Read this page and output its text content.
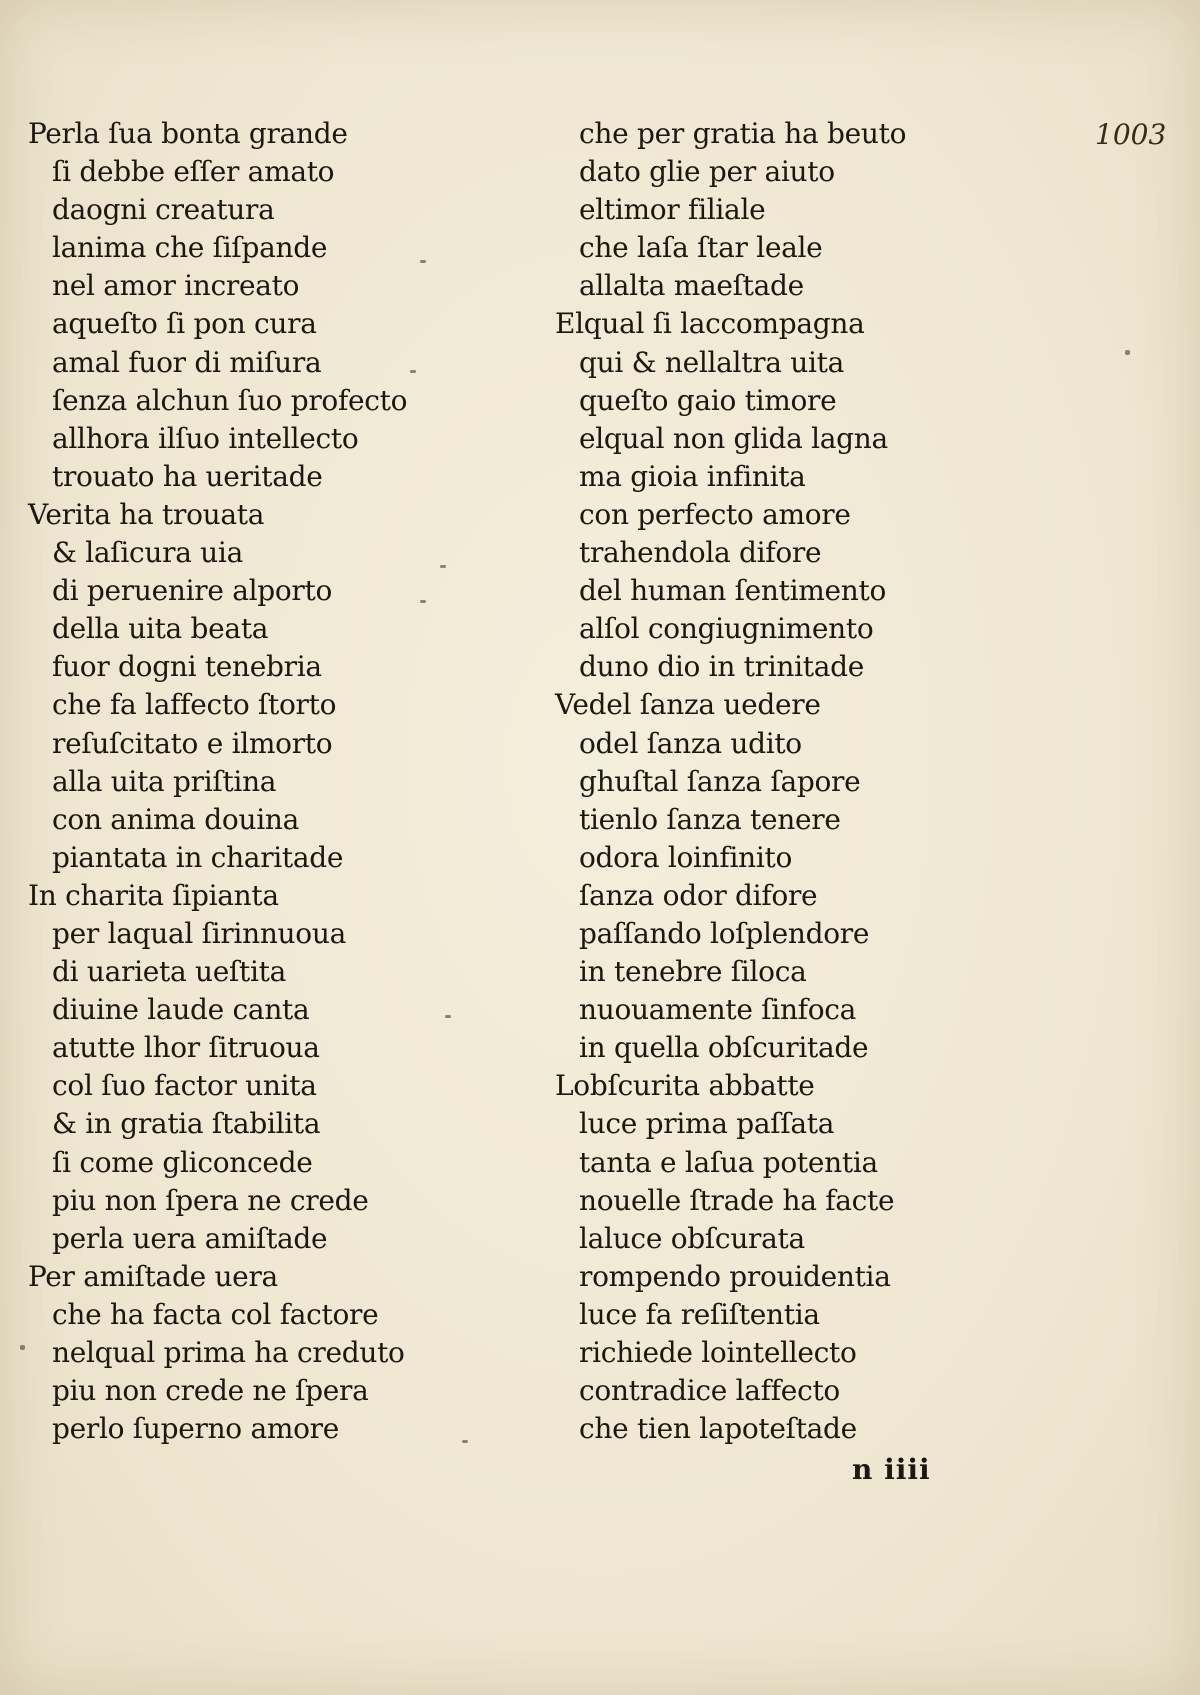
1003
Perla ſua bonta grande
ſi debbe eſſer amato
daogni creatura
lanima che ſiſpande
nel amor increato
aqueſto ſi pon cura
amal fuor di miſura
ſenza alchun ſuo profecto
allhora ilſuo intellecto
trouato ha ueritade
Verita ha trouata
& laſicura uia
di peruenire alporto
della uita beata
fuor dogni tenebria
che fa laffecto ſtorto
reſuſcitato e ilmorto
alla uita priſtina
con anima douina
piantata in charitade
In charita ſipianta
per laqual ſirinnuoua
di uarieta ueſtita
diuine laude canta
atutte lhor ſitruoua
col ſuo factor unita
& in gratia ſtabilita
ſi come gliconcede
piu non ſpera ne crede
perla uera amiſtade
Per amiſtade uera
che ha facta col factore
nelqual prima ha creduto
piu non crede ne ſpera
perlo ſuperno amore
che per gratia ha beuto
dato glie per aiuto
eltimor filiale
che laſa ſtar leale
allalta maeſtade
Elqual ſi laccompagna
qui & nellaltra uita
queſto gaio timore
elqual non glida lagna
ma gioia infinita
con perfecto amore
trahendola difore
del human ſentimento
alſol congiugnimento
duno dio in trinitade
Vedel ſanza uedere
odel ſanza udito
ghuſtal ſanza ſapore
tienlo ſanza tenere
odora loinfinito
ſanza odor difore
paſſando loſplendore
in tenebre ſiloca
nuouamente ſinfoca
in quella obſcuritade
Lobſcurita abbatte
luce prima paſſata
tanta e laſua potentia
nouelle ſtrade ha facte
laluce obſcurata
rompendo prouidentia
luce fa reſiſtentia
richiede lointellecto
contradice laffecto
che tien lapoteſtade
n iiii
